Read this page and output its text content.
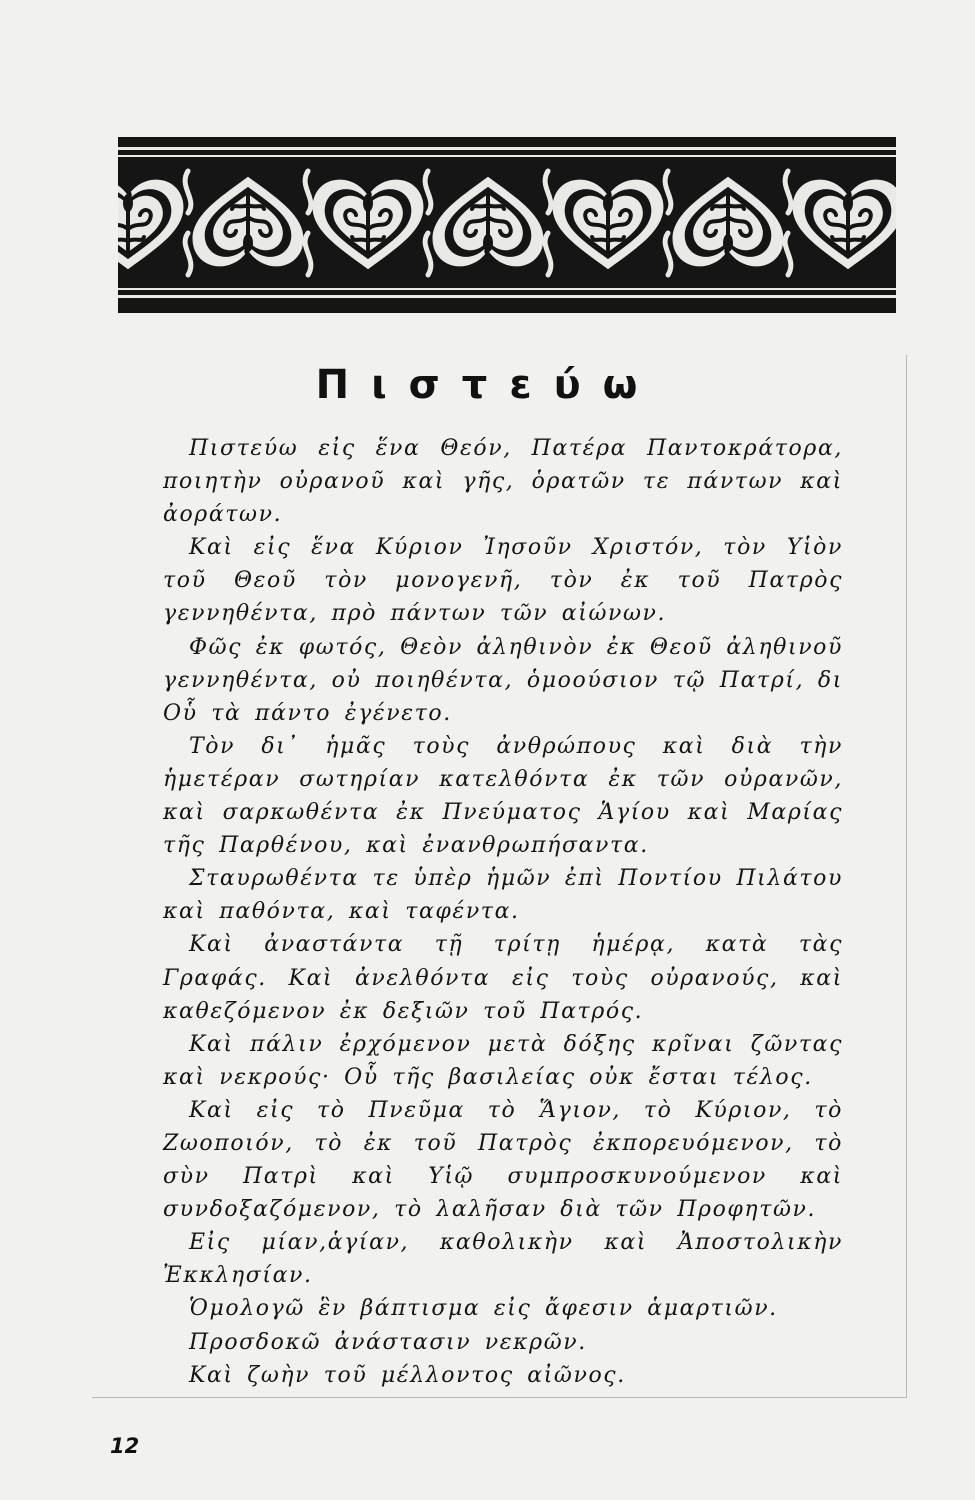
Πιστεύω

Πιστεύω εἰς ἕνα Θεόν, Πατέρα Παντοκράτορα, ποιητὴν οὐρανοῦ καὶ γῆς, ὁρατῶν τε πάντων καὶ ἀοράτων.

Καὶ εἰς ἕνα Κύριον Ἰησοῦν Χριστόν, τὸν Υἱὸν τοῦ Θεοῦ τὸν μονογενῆ, τὸν ἐκ τοῦ Πατρὸς γεννηθέντα, πρὸ πάντων τῶν αἰώνων.

Φῶς ἐκ φωτός, Θεὸν ἀληθινὸν ἐκ Θεοῦ ἀληθινοῦ γεννηθέντα, οὐ ποιηθέντα, ὁμοούσιον τῷ Πατρί, δι Οὗ τὰ πάντο ἐγένετο.

Τὸν δι᾽ ἡμᾶς τοὺς ἀνθρώπους καὶ διὰ τὴν ἡμετέραν σωτηρίαν κατελθόντα ἐκ τῶν οὐρανῶν, καὶ σαρκωθέντα ἐκ Πνεύματος Ἁγίου καὶ Μαρίας τῆς Παρθένου, καὶ ἐνανθρωπήσαντα.

Σταυρωθέντα τε ὑπὲρ ἡμῶν ἐπὶ Ποντίου Πιλάτου καὶ παθόντα, καὶ ταφέντα.

Καὶ ἀναστάντα τῇ τρίτῃ ἡμέρᾳ, κατὰ τὰς Γραφάς. Καὶ ἀνελθόντα εἰς τοὺς οὐρανούς, καὶ καθεζόμενον ἐκ δεξιῶν τοῦ Πατρός.

Καὶ πάλιν ἐρχόμενον μετὰ δόξης κρῖναι ζῶντας καὶ νεκρούς· Οὗ τῆς βασιλείας οὐκ ἔσται τέλος.

Καὶ εἰς τὸ Πνεῦμα τὸ Ἅγιον, τὸ Κύριον, τὸ Ζωοποιόν, τὸ ἐκ τοῦ Πατρὸς ἐκπορευόμενον, τὸ σὺν Πατρὶ καὶ Υἱῷ συμπροσκυνούμενον καὶ συνδοξαζόμενον, τὸ λαλῆσαν διὰ τῶν Προφητῶν.

Εἰς μίαν,ἁγίαν, καθολικὴν καὶ Ἀποστολικὴν Ἐκκλησίαν.

Ὁμολογῶ ἓν βάπτισμα εἰς ἄφεσιν ἁμαρτιῶν.

Προσδοκῶ ἀνάστασιν νεκρῶν.

Καὶ ζωὴν τοῦ μέλλοντος αἰῶνος.

12
